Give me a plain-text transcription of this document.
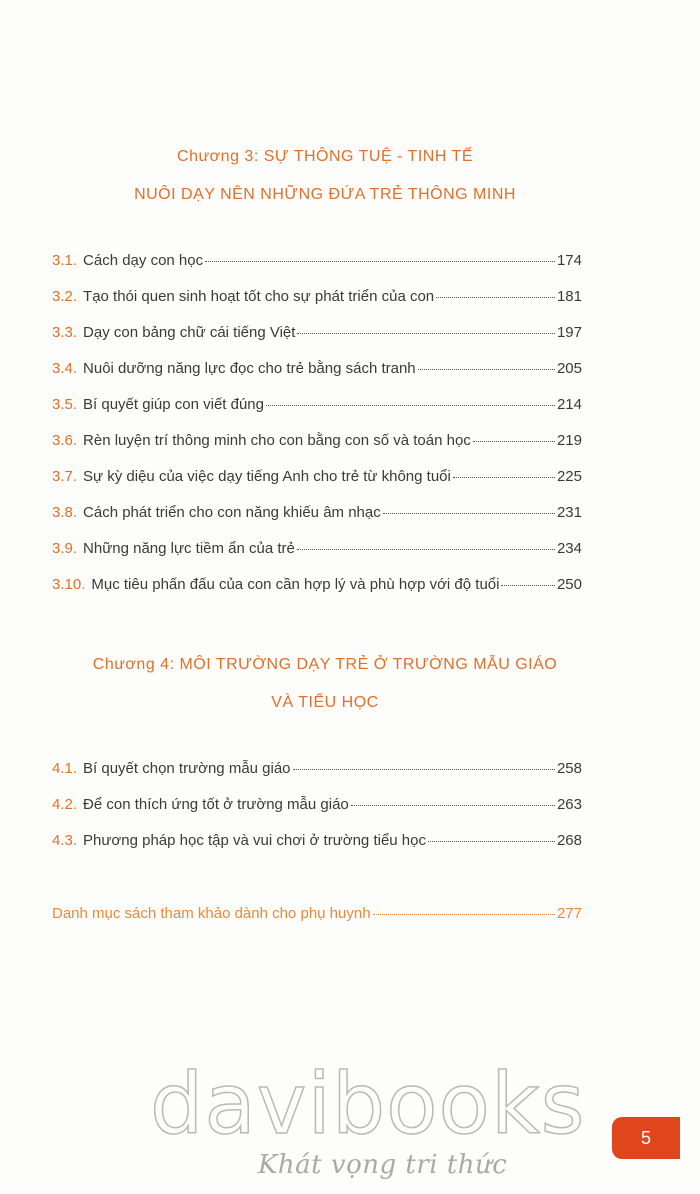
Chương 3: SỰ THÔNG TUỆ - TINH TẾ
NUÔI DẠY NÊN NHỮNG ĐỨA TRẺ THÔNG MINH
3.1. Cách dạy con học	174
3.2. Tạo thói quen sinh hoạt tốt cho sự phát triển của con	181
3.3. Dạy con bảng chữ cái tiếng Việt	197
3.4. Nuôi dưỡng năng lực đọc cho trẻ bằng sách tranh	205
3.5. Bí quyết giúp con viết đúng	214
3.6. Rèn luyện trí thông minh cho con bằng con số và toán học	219
3.7. Sự kỳ diệu của việc dạy tiếng Anh cho trẻ từ không tuổi	225
3.8. Cách phát triển cho con năng khiếu âm nhạc	231
3.9. Những năng lực tiềm ẩn của trẻ	234
3.10. Mục tiêu phấn đấu của con cần hợp lý và phù hợp với độ tuổi	250
Chương 4: MÔI TRƯỜNG DẠY TRẺ Ở TRƯỜNG MẪU GIÁO
VÀ TIỂU HỌC
4.1. Bí quyết chọn trường mẫu giáo	258
4.2. Để con thích ứng tốt ở trường mẫu giáo	263
4.3. Phương pháp học tập và vui chơi ở trường tiểu học	268
Danh mục sách tham khảo dành cho phụ huynh	277
davibooks
Khát vọng tri thức
5
